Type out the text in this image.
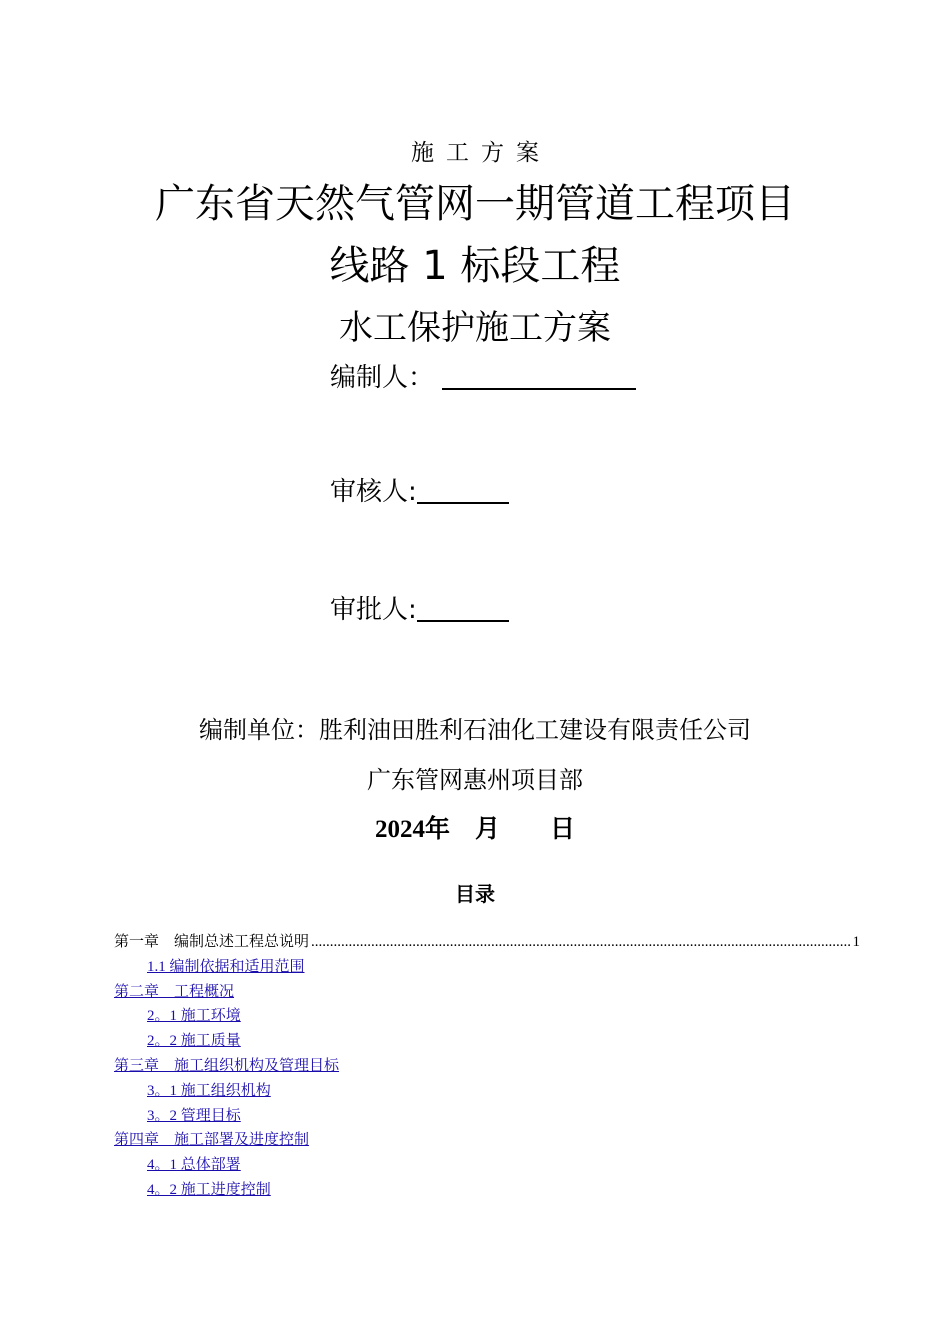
施工方案
广东省天然气管网一期管道工程项目
线路 1 标段工程
水工保护施工方案
编制人：
审核人:
审批人:
编制单位：胜利油田胜利石油化工建设有限责任公司
广东管网惠州项目部
2024年　月　　日
目录
第一章　编制总述工程总说明
.....	1
1.1 编制依据和适用范围
第二章　工程概况
2。1 施工环境
2。2 施工质量
第三章　施工组织机构及管理目标
3。1 施工组织机构
3。2 管理目标
第四章　施工部署及进度控制
4。1 总体部署
4。2 施工进度控制
